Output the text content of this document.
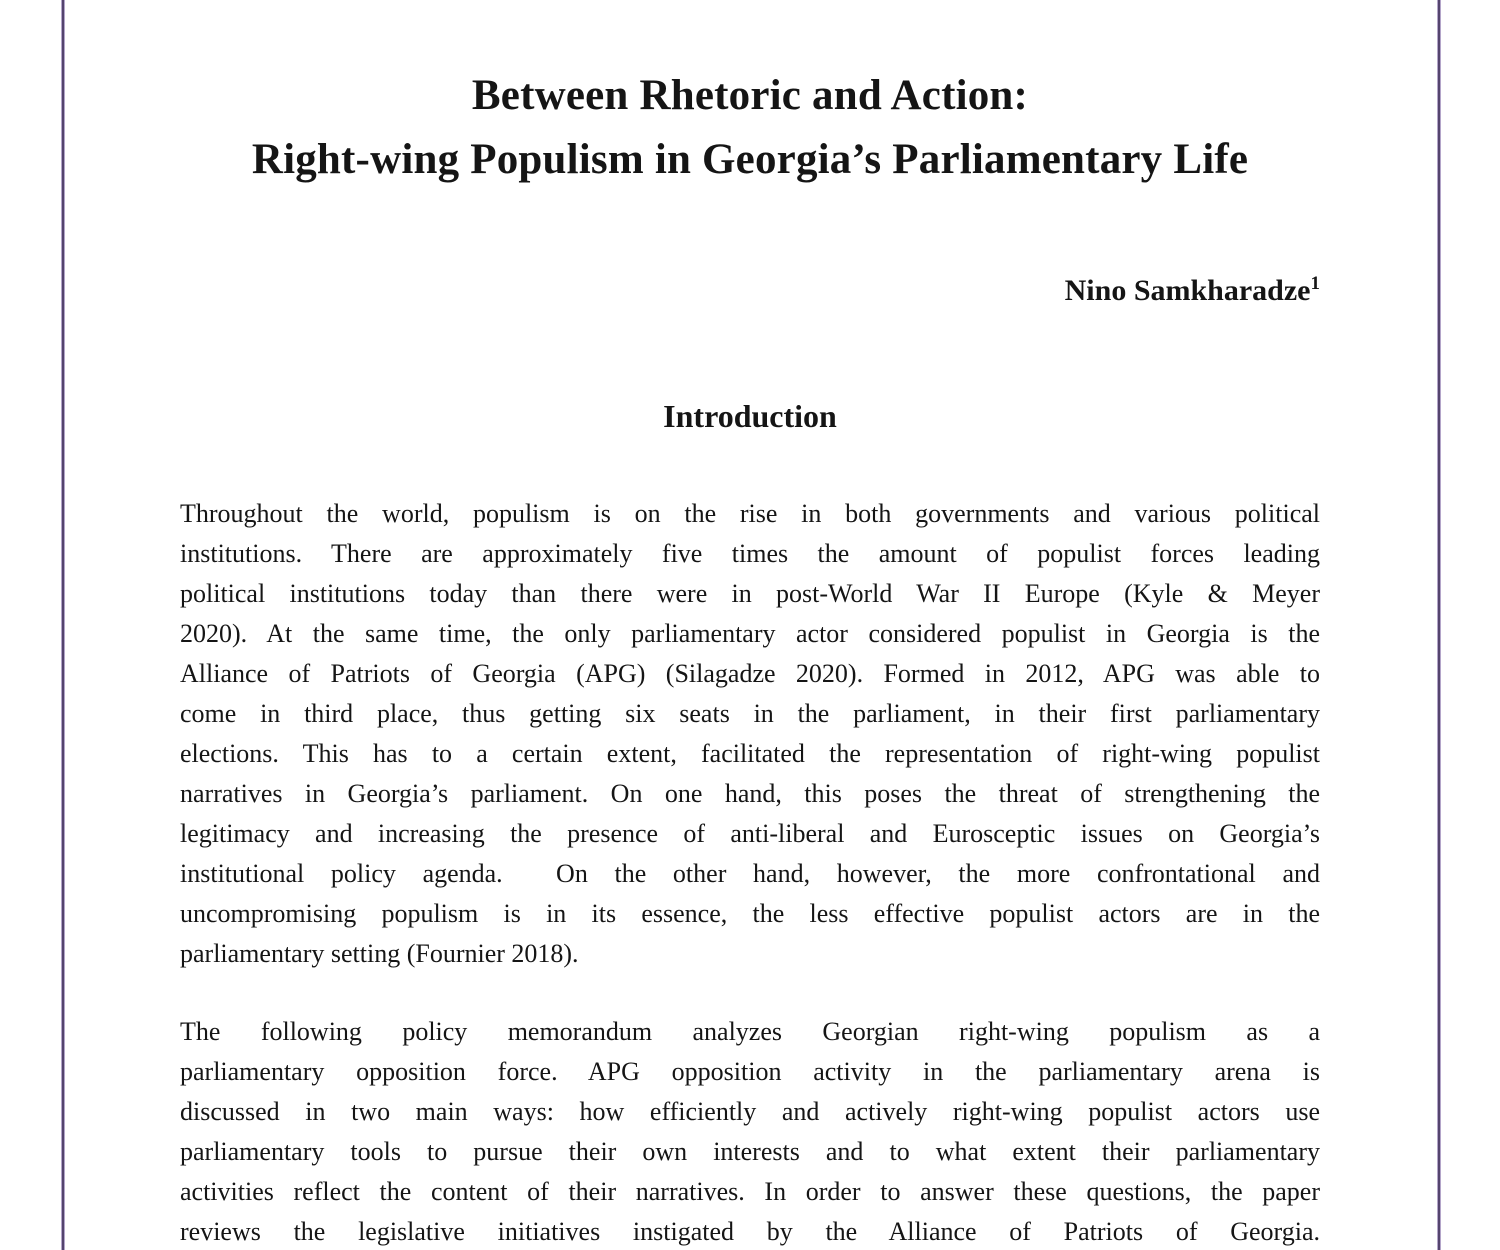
Between Rhetoric and Action:
Right-wing Populism in Georgia’s Parliamentary Life
Nino Samkharadze$^1$
Introduction
Throughout the world, populism is on the rise in both governments and various political
institutions. There are approximately five times the amount of populist forces leading
political institutions today than there were in post-World War II Europe (Kyle & Meyer
2020). At the same time, the only parliamentary actor considered populist in Georgia is the
Alliance of Patriots of Georgia (APG) (Silagadze 2020). Formed in 2012, APG was able to
come in third place, thus getting six seats in the parliament, in their first parliamentary
elections. This has to a certain extent, facilitated the representation of right-wing populist
narratives in Georgia’s parliament. On one hand, this poses the threat of strengthening the
legitimacy and increasing the presence of anti-liberal and Eurosceptic issues on Georgia’s
institutional policy agenda.  On the other hand, however, the more confrontational and
uncompromising populism is in its essence, the less effective populist actors are in the
parliamentary setting (Fournier 2018).
The following policy memorandum analyzes Georgian right-wing populism as a
parliamentary opposition force. APG opposition activity in the parliamentary arena is
discussed in two main ways: how efficiently and actively right-wing populist actors use
parliamentary tools to pursue their own interests and to what extent their parliamentary
activities reflect the content of their narratives. In order to answer these questions, the paper
reviews the legislative initiatives instigated by the Alliance of Patriots of Georgia.
